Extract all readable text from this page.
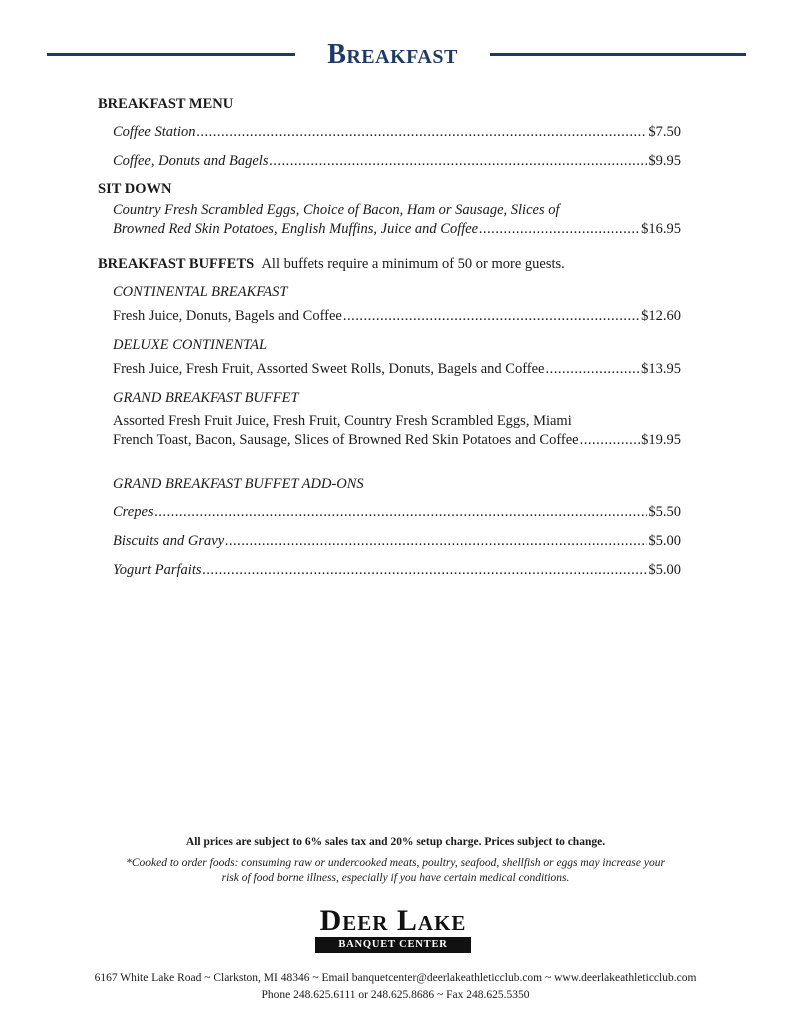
Breakfast
BREAKFAST MENU
Coffee Station .....	$7.50
Coffee, Donuts and Bagels .....	$9.95
SIT DOWN
Country Fresh Scrambled Eggs, Choice of Bacon, Ham or Sausage, Slices of
Browned Red Skin Potatoes, English Muffins, Juice and Coffee .....	$16.95
BREAKFAST BUFFETS All buffets require a minimum of 50 or more guests.
CONTINENTAL BREAKFAST
Fresh Juice, Donuts, Bagels and Coffee .....	$12.60
DELUXE CONTINENTAL
Fresh Juice, Fresh Fruit, Assorted Sweet Rolls, Donuts, Bagels and Coffee .....	$13.95
GRAND BREAKFAST BUFFET
Assorted Fresh Fruit Juice, Fresh Fruit, Country Fresh Scrambled Eggs, Miami
French Toast, Bacon, Sausage, Slices of Browned Red Skin Potatoes and Coffee .....	$19.95
GRAND BREAKFAST BUFFET ADD-ONS
Crepes .....	$5.50
Biscuits and Gravy .....	$5.00
Yogurt Parfaits .....	$5.00
All prices are subject to 6% sales tax and 20% setup charge. Prices subject to change.
*Cooked to order foods: consuming raw or undercooked meats, poultry, seafood, shellfish or eggs may increase your
risk of food borne illness, especially if you have certain medical conditions.
Deer Lake
BANQUET CENTER
6167 White Lake Road ~ Clarkston, MI 48346 ~ Email banquetcenter@deerlakeathleticclub.com ~ www.deerlakeathleticclub.com
Phone 248.625.6111 or 248.625.8686 ~ Fax 248.625.5350
